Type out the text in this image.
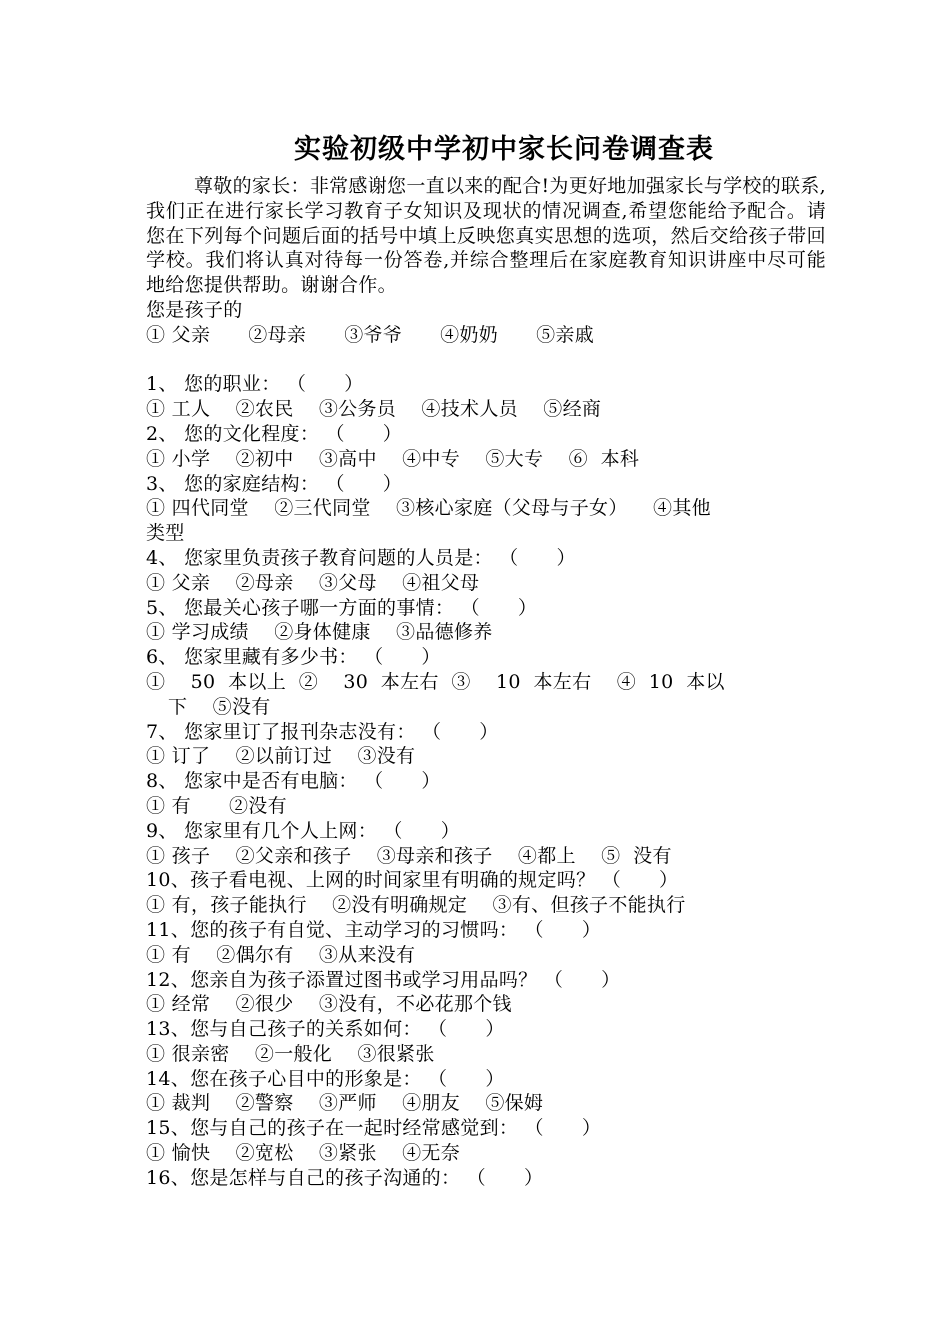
实验初级中学初中家长问卷调查表

尊敬的家长：非常感谢您一直以来的配合!为更好地加强家长与学校的联系,我们正在进行家长学习教育子女知识及现状的情况调查,希望您能给予配合。请您在下列每个问题后面的括号中填上反映您真实思想的选项，然后交给孩子带回学校。我们将认真对待每一份答卷,并综合整理后在家庭教育知识讲座中尽可能地给您提供帮助。谢谢合作。

您是孩子的
① 父亲      ②母亲      ③爷爷      ④奶奶      ⑤亲戚
1、 您的职业： （      ）
① 工人    ②农民    ③公务员    ④技术人员    ⑤经商
2、 您的文化程度： （      ）
① 小学    ②初中    ③高中    ④中专    ⑤大专    ⑥  本科
3、 您的家庭结构： （      ）
① 四代同堂    ②三代同堂    ③核心家庭（父母与子女）    ④其他
类型
4、 您家里负责孩子教育问题的人员是： （      ）
① 父亲    ②母亲    ③父母    ④祖父母
5、 您最关心孩子哪一方面的事情： （      ）
① 学习成绩    ②身体健康    ③品德修养
6、 您家里藏有多少书： （      ）
①    50  本以上  ②    30  本左右  ③    10  本左右    ④  10  本以
下    ⑤没有
7、 您家里订了报刊杂志没有： （      ）
① 订了    ②以前订过    ③没有
8、 您家中是否有电脑： （      ）
① 有      ②没有
9、 您家里有几个人上网： （      ）
① 孩子    ②父亲和孩子    ③母亲和孩子    ④都上    ⑤  没有
10、孩子看电视、上网的时间家里有明确的规定吗？ （      ）
① 有，孩子能执行    ②没有明确规定    ③有、但孩子不能执行
11、您的孩子有自觉、主动学习的习惯吗： （      ）
① 有    ②偶尔有    ③从来没有
12、您亲自为孩子添置过图书或学习用品吗？ （      ）
① 经常    ②很少    ③没有，不必花那个钱
13、您与自己孩子的关系如何： （      ）
① 很亲密    ②一般化    ③很紧张
14、您在孩子心目中的形象是： （      ）
① 裁判    ②警察    ③严师    ④朋友    ⑤保姆
15、您与自己的孩子在一起时经常感觉到： （      ）
① 愉快    ②宽松    ③紧张    ④无奈
16、您是怎样与自己的孩子沟通的： （      ）
